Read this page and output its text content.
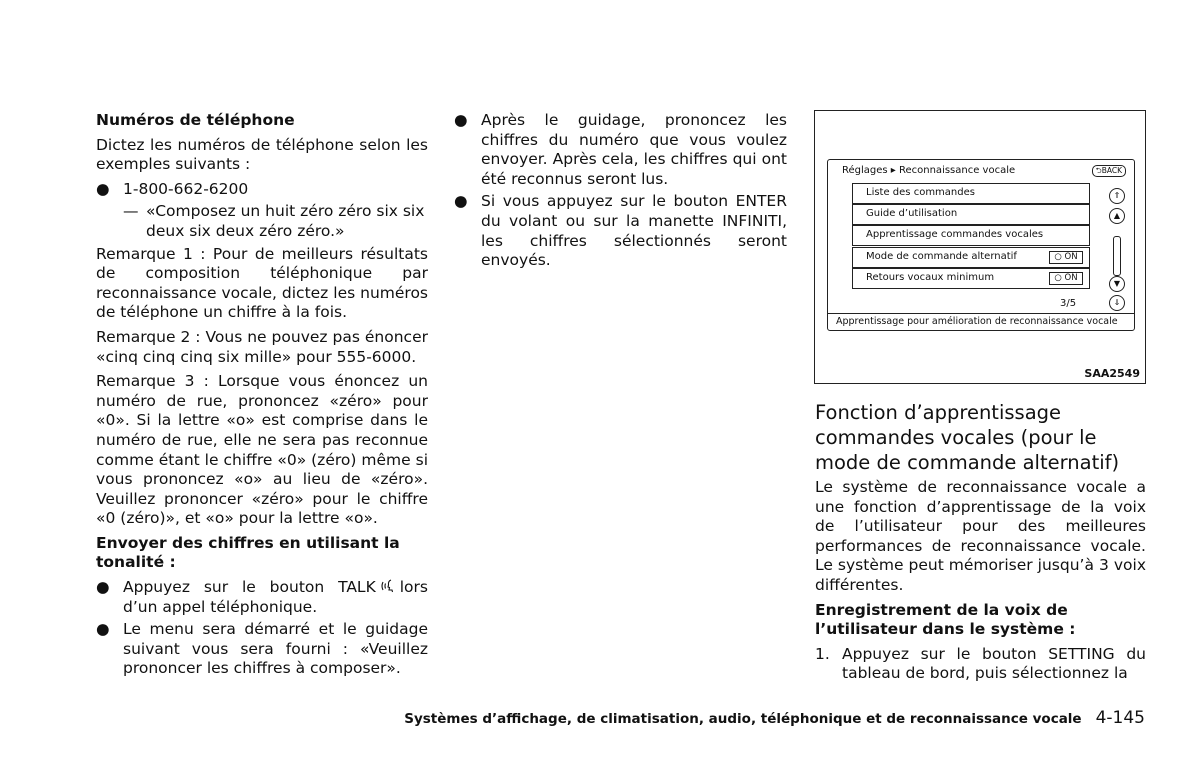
Numéros de téléphone

Dictez les numéros de téléphone selon les exemples suivants :

● 1-800-662-6200
— «Composez un huit zéro zéro six six deux six deux zéro zéro.»

Remarque 1 : Pour de meilleurs résultats de composition téléphonique par reconnaissance vocale, dictez les numéros de téléphone un chiffre à la fois.

Remarque 2 : Vous ne pouvez pas énoncer «cinq cinq cinq six mille» pour 555-6000.

Remarque 3 : Lorsque vous énoncez un numéro de rue, prononcez «zéro» pour «0». Si la lettre «o» est comprise dans le numéro de rue, elle ne sera pas reconnue comme étant le chiffre «0» (zéro) même si vous prononcez «o» au lieu de «zéro». Veuillez prononcer «zéro» pour le chiffre «0 (zéro)», et «o» pour la lettre «o».

Envoyer des chiffres en utilisant la tonalité :
● Appuyez sur le bouton TALK lors d’un appel téléphonique.
● Le menu sera démarré et le guidage suivant vous sera fourni : «Veuillez prononcer les chiffres à composer».
● Après le guidage, prononcez les chiffres du numéro que vous voulez envoyer. Après cela, les chiffres qui ont été reconnus seront lus.
● Si vous appuyez sur le bouton ENTER du volant ou sur la manette INFINITI, les chiffres sélectionnés seront envoyés.
Réglages ▸ Reconnaissance vocale	⮌BACK
Liste des commandes
Guide d’utilisation
Apprentissage commandes vocales
Mode de commande alternatif	○ ON
Retours vocaux minimum	○ ON
⇑
▲
▼
⇓
3/5
Apprentissage pour amélioration de reconnaissance vocale
SAA2549
Fonction d’apprentissage commandes vocales (pour le mode de commande alternatif)

Le système de reconnaissance vocale a une fonction d’apprentissage de la voix de l’utilisateur pour des meilleures performances de reconnaissance vocale. Le système peut mémoriser jusqu’à 3 voix différentes.

Enregistrement de la voix de l’utilisateur dans le système :
1. Appuyez sur le bouton SETTING du tableau de bord, puis sélectionnez la
Systèmes d’affichage, de climatisation, audio, téléphonique et de reconnaissance vocale 4-145
